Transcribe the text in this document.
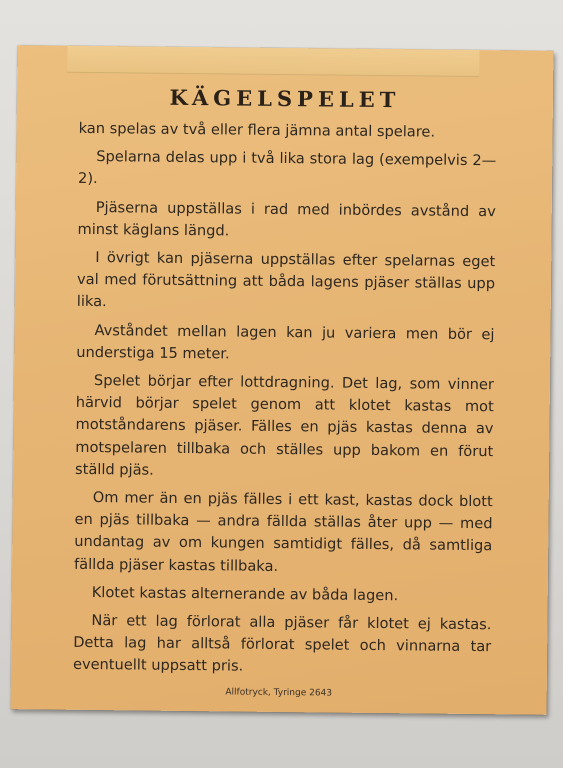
KÄGELSPELET

kan spelas av två eller flera jämna antal spelare.

Spelarna delas upp i två lika stora lag (exempelvis 2—2).

Pjäserna uppställas i rad med inbördes avstånd av minst käglans längd.

I övrigt kan pjäserna uppställas efter spelarnas eget val med förutsättning att båda lagens pjäser ställas upp lika.

Avståndet mellan lagen kan ju variera men bör ej understiga 15 meter.

Spelet börjar efter lottdragning. Det lag, som vinner härvid börjar spelet genom att klotet kastas mot motståndarens pjäser. Fälles en pjäs kastas denna av motspelaren tillbaka och ställes upp bakom en förut ställd pjäs.

Om mer än en pjäs fälles i ett kast, kastas dock blott en pjäs tillbaka — andra fällda ställas åter upp — med undantag av om kungen samtidigt fälles, då samtliga fällda pjäser kastas tillbaka.

Klotet kastas alternerande av båda lagen.

När ett lag förlorat alla pjäser får klotet ej kastas. Detta lag har alltså förlorat spelet och vinnarna tar eventuellt uppsatt pris.

Allfotryck, Tyringe 2643
